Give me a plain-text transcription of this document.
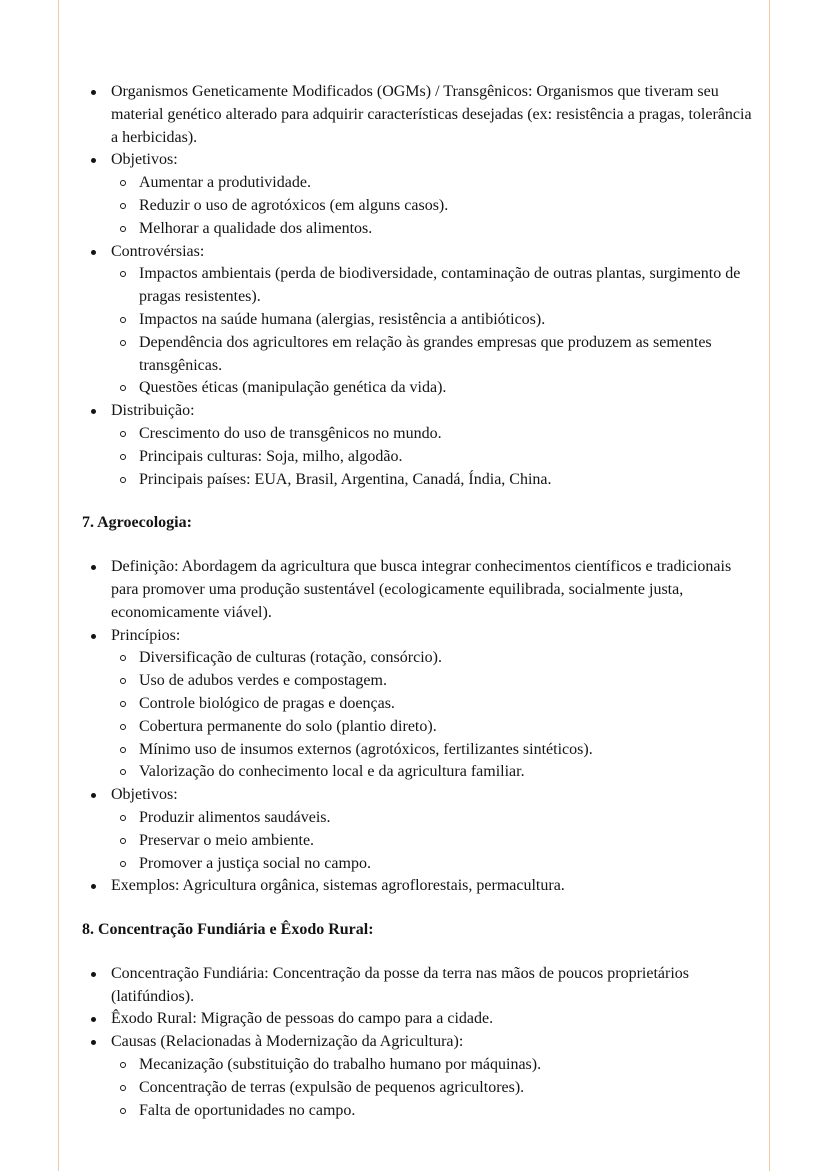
Organismos Geneticamente Modificados (OGMs) / Transgênicos: Organismos que tiveram seu material genético alterado para adquirir características desejadas (ex: resistência a pragas, tolerância a herbicidas).
Objetivos:
Aumentar a produtividade.
Reduzir o uso de agrotóxicos (em alguns casos).
Melhorar a qualidade dos alimentos.
Controvérsias:
Impactos ambientais (perda de biodiversidade, contaminação de outras plantas, surgimento de pragas resistentes).
Impactos na saúde humana (alergias, resistência a antibióticos).
Dependência dos agricultores em relação às grandes empresas que produzem as sementes transgênicas.
Questões éticas (manipulação genética da vida).
Distribuição:
Crescimento do uso de transgênicos no mundo.
Principais culturas: Soja, milho, algodão.
Principais países: EUA, Brasil, Argentina, Canadá, Índia, China.
7. Agroecologia:
Definição: Abordagem da agricultura que busca integrar conhecimentos científicos e tradicionais para promover uma produção sustentável (ecologicamente equilibrada, socialmente justa, economicamente viável).
Princípios:
Diversificação de culturas (rotação, consórcio).
Uso de adubos verdes e compostagem.
Controle biológico de pragas e doenças.
Cobertura permanente do solo (plantio direto).
Mínimo uso de insumos externos (agrotóxicos, fertilizantes sintéticos).
Valorização do conhecimento local e da agricultura familiar.
Objetivos:
Produzir alimentos saudáveis.
Preservar o meio ambiente.
Promover a justiça social no campo.
Exemplos: Agricultura orgânica, sistemas agroflorestais, permacultura.
8. Concentração Fundiária e Êxodo Rural:
Concentração Fundiária: Concentração da posse da terra nas mãos de poucos proprietários (latifúndios).
Êxodo Rural: Migração de pessoas do campo para a cidade.
Causas (Relacionadas à Modernização da Agricultura):
Mecanização (substituição do trabalho humano por máquinas).
Concentração de terras (expulsão de pequenos agricultores).
Falta de oportunidades no campo.
